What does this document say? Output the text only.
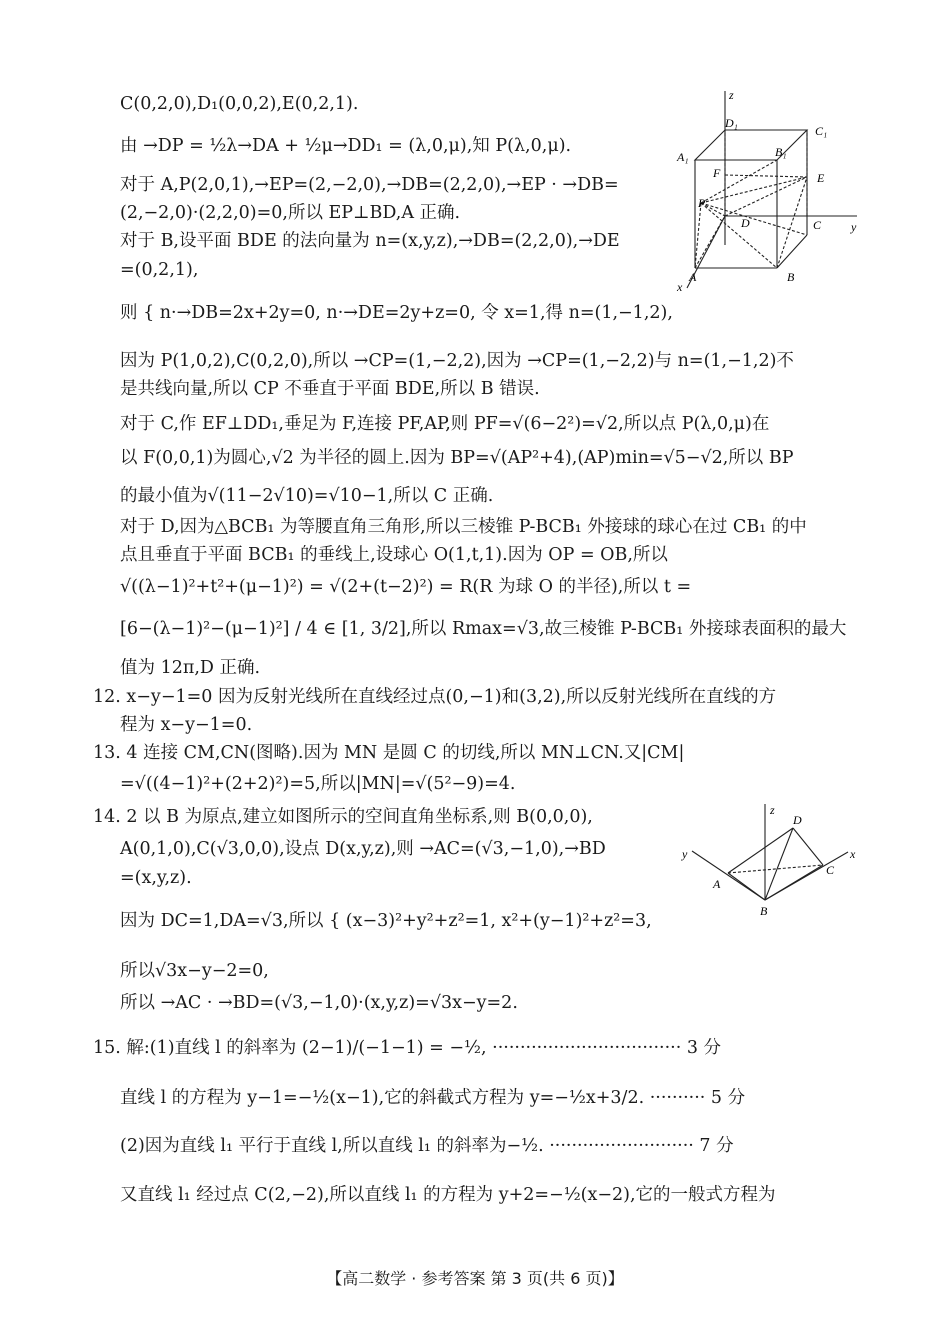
C(0,2,0),D₁(0,0,2),E(0,2,1).
由 →DP = ½λ→DA + ½μ→DD₁ = (λ,0,μ),知 P(λ,0,μ).
对于 A,P(2,0,1),→EP=(2,−2,0),→DB=(2,2,0),→EP · →DB=
(2,−2,0)·(2,2,0)=0,所以 EP⊥BD,A 正确.
对于 B,设平面 BDE 的法向量为 n=(x,y,z),→DB=(2,2,0),→DE
=(0,2,1),
则 { n·→DB=2x+2y=0, n·→DE=2y+z=0, 令 x=1,得 n=(1,−1,2),
因为 P(1,0,2),C(0,2,0),所以 →CP=(1,−2,2),因为 →CP=(1,−2,2)与 n=(1,−1,2)不
是共线向量,所以 CP 不垂直于平面 BDE,所以 B 错误.
对于 C,作 EF⊥DD₁,垂足为 F,连接 PF,AP,则 PF=√(6−2²)=√2,所以点 P(λ,0,μ)在
以 F(0,0,1)为圆心,√2 为半径的圆上.因为 BP=√(AP²+4),(AP)min=√5−√2,所以 BP
的最小值为√(11−2√10)=√10−1,所以 C 正确.
对于 D,因为△BCB₁ 为等腰直角三角形,所以三棱锥 P-BCB₁ 外接球的球心在过 CB₁ 的中
点且垂直于平面 BCB₁ 的垂线上,设球心 O(1,t,1).因为 OP = OB,所以
√((λ−1)²+t²+(μ−1)²) = √(2+(t−2)²) = R(R 为球 O 的半径),所以 t =
[6−(λ−1)²−(μ−1)²] / 4 ∈ [1, 3/2],所以 Rmax=√3,故三棱锥 P-BCB₁ 外接球表面积的最大
值为 12π,D 正确.
12. x−y−1=0 因为反射光线所在直线经过点(0,−1)和(3,2),所以反射光线所在直线的方
程为 x−y−1=0.
13. 4 连接 CM,CN(图略).因为 MN 是圆 C 的切线,所以 MN⊥CN.又|CM|
=√((4−1)²+(2+2)²)=5,所以|MN|=√(5²−9)=4.
14. 2 以 B 为原点,建立如图所示的空间直角坐标系,则 B(0,0,0),
A(0,1,0),C(√3,0,0),设点 D(x,y,z),则 →AC=(√3,−1,0),→BD
=(x,y,z).
因为 DC=1,DA=√3,所以 { (x−3)²+y²+z²=1, x²+(y−1)²+z²=3,
所以√3x−y−2=0,
所以 →AC · →BD=(√3,−1,0)·(x,y,z)=√3x−y=2.
15. 解:(1)直线 l 的斜率为 (2−1)/(−1−1) = −½, ·································· 3 分
直线 l 的方程为 y−1=−½(x−1),它的斜截式方程为 y=−½x+3/2. ·········· 5 分
(2)因为直线 l₁ 平行于直线 l,所以直线 l₁ 的斜率为−½. ·························· 7 分
又直线 l₁ 经过点 C(2,−2),所以直线 l₁ 的方程为 y+2=−½(x−2),它的一般式方程为
z
y
x
D₁
C₁
A₁	B₁
F	E
P
D	C
A	B
z
y	x
D
A
C
B
【高二数学 · 参考答案 第 3 页(共 6 页)】
